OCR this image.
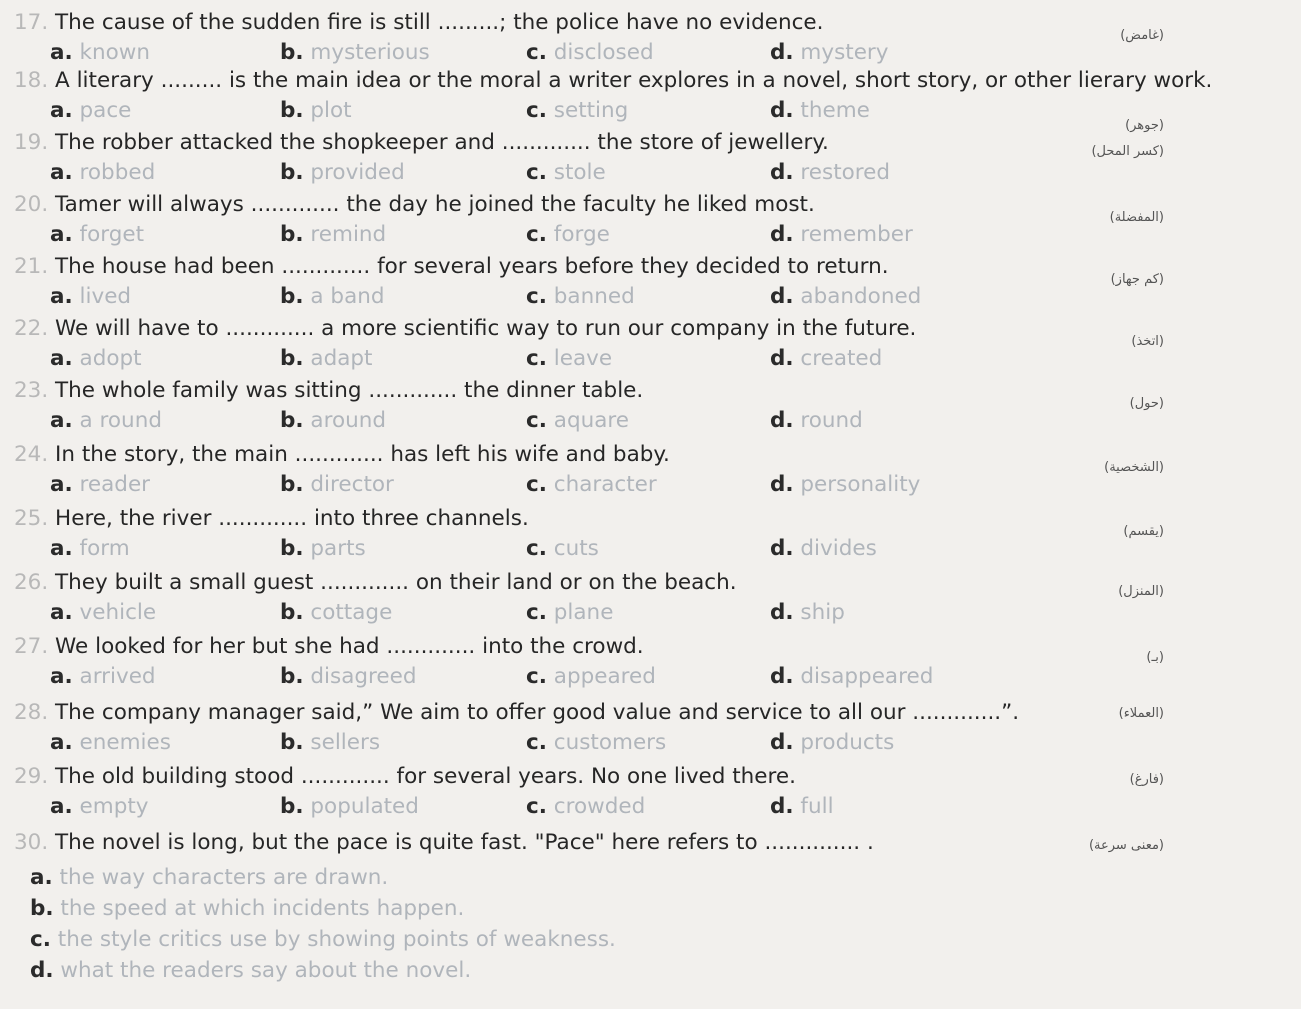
17. The cause of the sudden fire is still .........; the police have no evidence.
(غامض)
a. known	b. mysterious	c. disclosed	d. mystery
18. A literary ......... is the main idea or the moral a writer explores in a novel, short story, or other lierary work.
(جوهر)
a. pace	b. plot	c. setting	d. theme
19. The robber attacked the shopkeeper and ............. the store of jewellery.	(كسر المحل)
a. robbed	b. provided	c. stole	d. restored
20. Tamer will always ............. the day he joined the faculty he liked most.
(المفضلة)
a. forget	b. remind	c. forge	d. remember
21. The house had been ............. for several years before they decided to return.
(كم جهاز)
a. lived	b. a band	c. banned	d. abandoned
22. We will have to ............. a more scientific way to run our company in the future.
(اتخذ)
a. adopt	b. adapt	c. leave	d. created
23. The whole family was sitting ............. the dinner table.
(حول)
a. a round	b. around	c. aquare	d. round
24. In the story, the main ............. has left his wife and baby.
(الشخصية)
a. reader	b. director	c. character	d. personality
25. Here, the river ............. into three channels.
(يقسم)
a. form	b. parts	c. cuts	d. divides
26. They built a small guest ............. on their land or on the beach.	(المنزل)
a. vehicle	b. cottage	c. plane	d. ship
27. We looked for her but she had ............. into the crowd.	(بـ)
a. arrived	b. disagreed	c. appeared	d. disappeared
28. The company manager said,” We aim to offer good value and service to all our .............”.	(العملاء)
a. enemies	b. sellers	c. customers	d. products
29. The old building stood ............. for several years. No one lived there.	(فارغ)
a. empty	b. populated	c. crowded	d. full
30. The novel is long, but the pace is quite fast. "Pace" here refers to .............. .	(معنى سرعة)
a. the way characters are drawn.
b. the speed at which incidents happen.
c. the style critics use by showing points of weakness.
d. what the readers say about the novel.
